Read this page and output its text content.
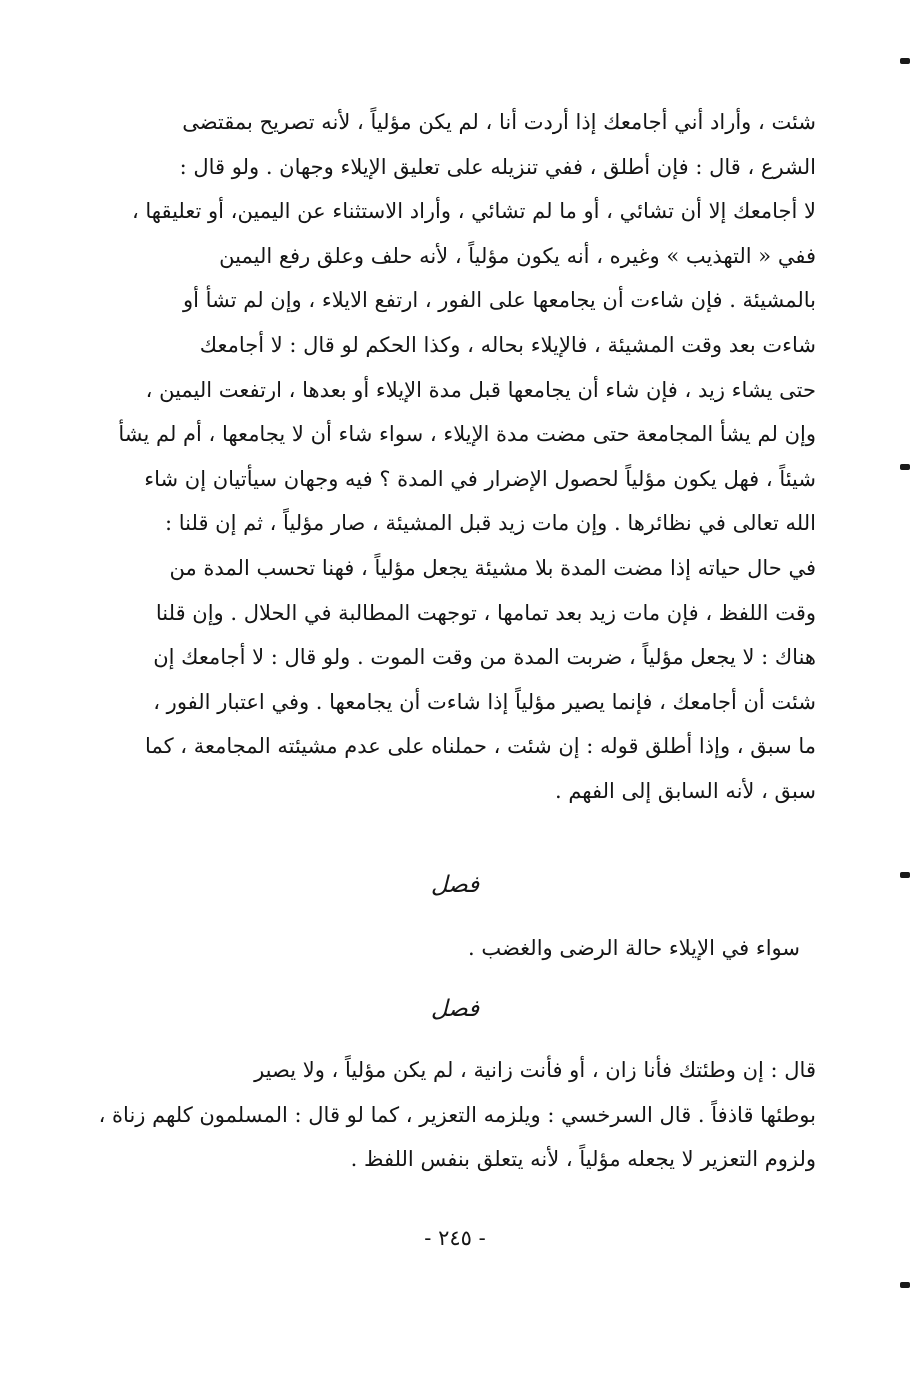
شئت ، وأراد أني أجامعك إذا أردت أنا ، لم يكن مؤلياً ، لأنه تصريح بمقتضى
الشرع ، قال : فإن أطلق ، ففي تنزيله على تعليق الإيلاء وجهان . ولو قال :
لا أجامعك إلا أن تشائي ، أو ما لم تشائي ، وأراد الاستثناء عن اليمين، أو تعليقها ،
ففي « التهذيب » وغيره ، أنه يكون مؤلياً ، لأنه حلف وعلق رفع اليمين
بالمشيئة . فإن شاءت أن يجامعها على الفور ، ارتفع الايلاء ، وإن لم تشأ أو
شاءت بعد وقت المشيئة ، فالإيلاء بحاله ، وكذا الحكم لو قال : لا أجامعك
حتى يشاء زيد ، فإن شاء أن يجامعها قبل مدة الإيلاء أو بعدها ، ارتفعت اليمين ،
وإن لم يشأ المجامعة حتى مضت مدة الإيلاء ، سواء شاء أن لا يجامعها ، أم لم يشأ
شيئاً ، فهل يكون مؤلياً لحصول الإضرار في المدة ؟ فيه وجهان سيأتيان إن شاء
الله تعالى في نظائرها . وإن مات زيد قبل المشيئة ، صار مؤلياً ، ثم إن قلنا :
في حال حياته إذا مضت المدة بلا مشيئة يجعل مؤلياً ، فهنا تحسب المدة من
وقت اللفظ ، فإن مات زيد بعد تمامها ، توجهت المطالبة في الحلال . وإن قلنا
هناك : لا يجعل مؤلياً ، ضربت المدة من وقت الموت . ولو قال : لا أجامعك إن
شئت أن أجامعك ، فإنما يصير مؤلياً إذا شاءت أن يجامعها . وفي اعتبار الفور ،
ما سبق ، وإذا أطلق قوله : إن شئت ، حملناه على عدم مشيئته المجامعة ، كما
سبق ، لأنه السابق إلى الفهم .
فصل
سواء في الإيلاء حالة الرضى والغضب .
فصل
قال : إن وطئتك فأنا زان ، أو فأنت زانية ، لم يكن مؤلياً ، ولا يصير
بوطئها قاذفاً . قال السرخسي : ويلزمه التعزير ، كما لو قال : المسلمون كلهم زناة ،
ولزوم التعزير لا يجعله مؤلياً ، لأنه يتعلق بنفس اللفظ .
- ٢٤٥ -
